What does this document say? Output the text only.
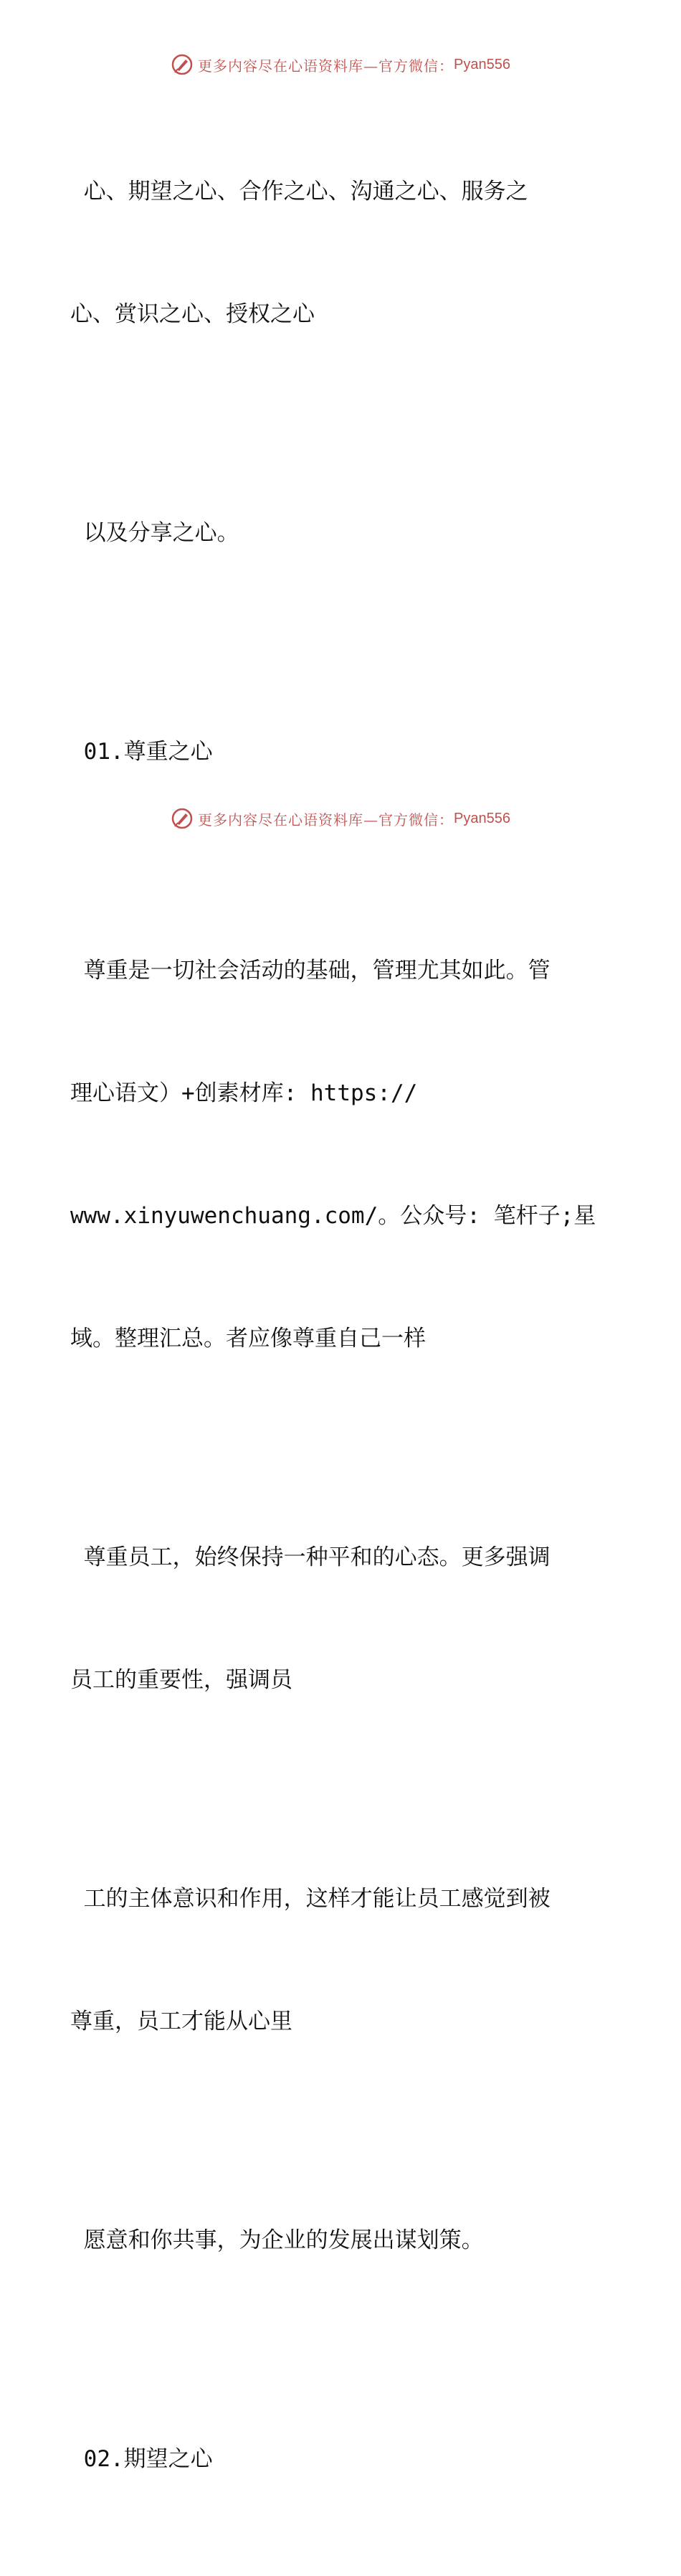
更多内容尽在心语资料库—官方微信： Pyan556

心、期望之心、合作之心、沟通之心、服务之

心、赏识之心、授权之心

以及分享之心。

01.尊重之心

尊重是一切社会活动的基础，管理尤其如此。管

理心语文）+创素材库: https://

www.xinyuwenchuang.com/。公众号: 笔杆子;星

域。整理汇总。者应像尊重自己一样

尊重员工，始终保持一种平和的心态。更多强调

员工的重要性，强调员

工的主体意识和作用，这样才能让员工感觉到被

尊重，员工才能从心里

愿意和你共事，为企业的发展出谋划策。

02.期望之心

更多内容尽在心语资料库—官方微信： Pyan556
